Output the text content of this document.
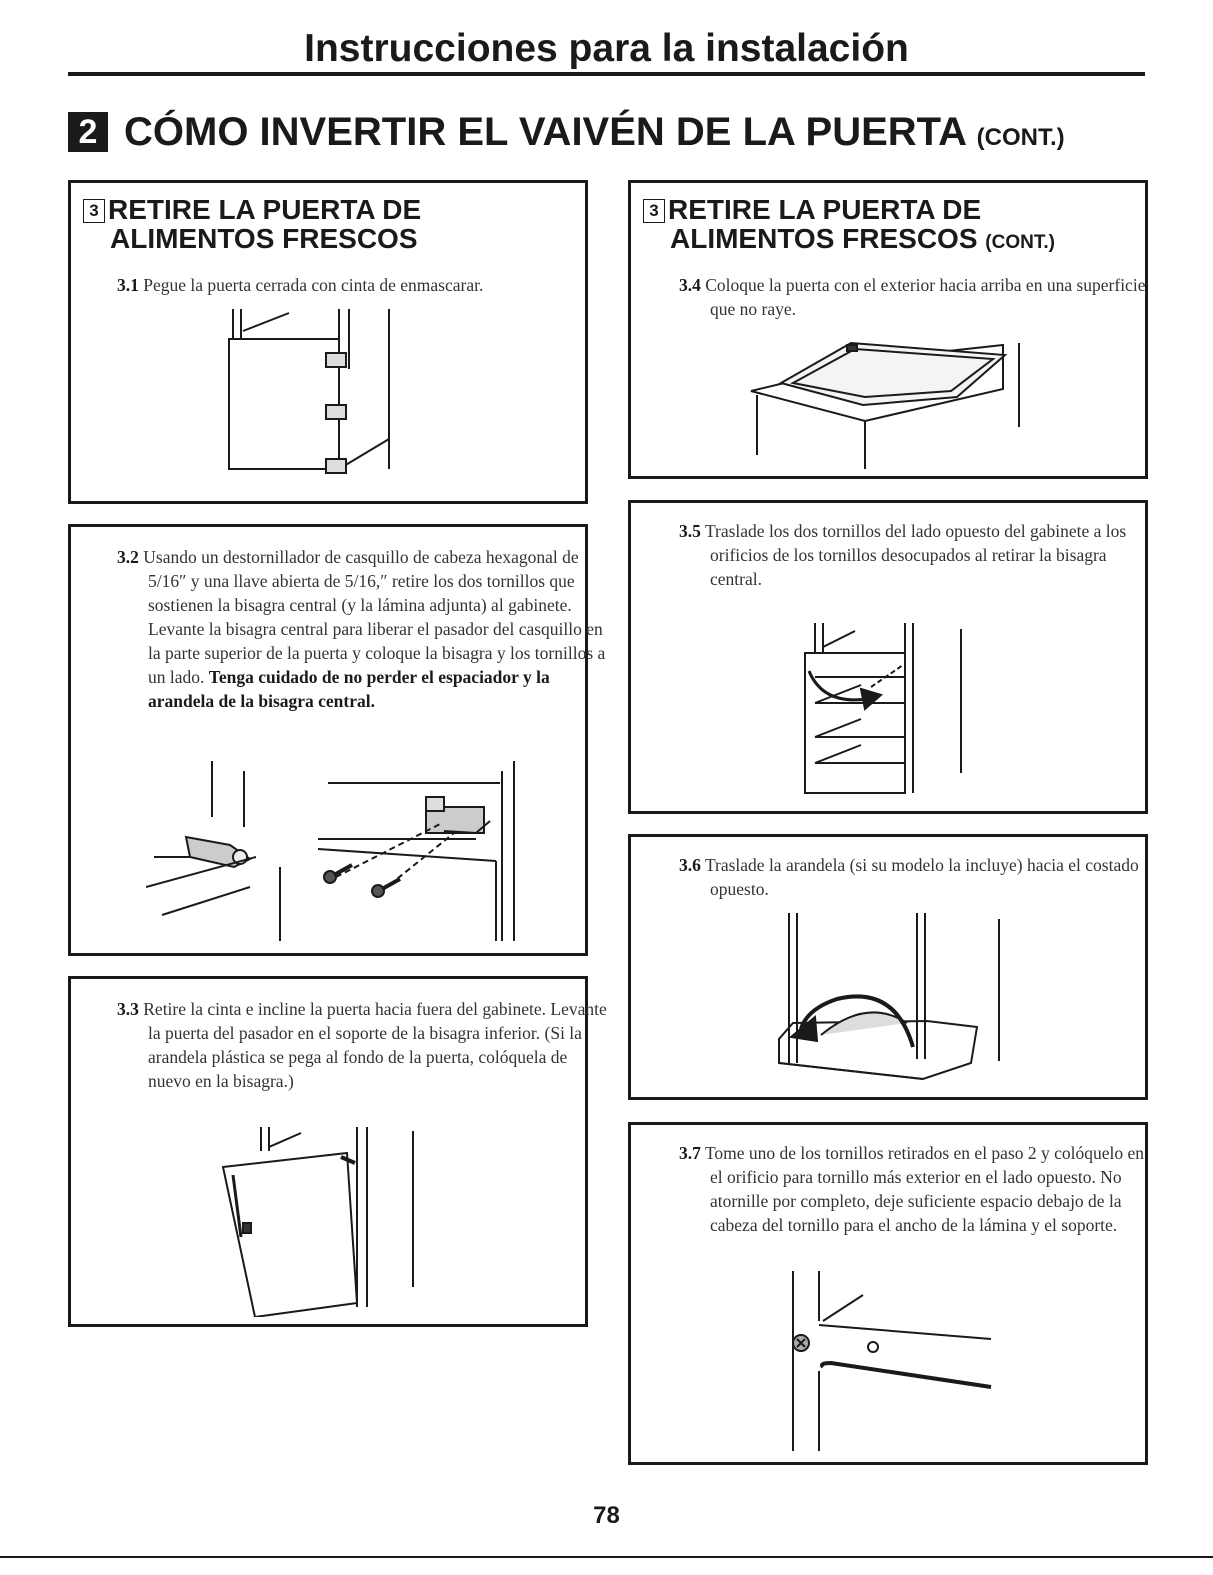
Instrucciones para la instalación
2 CÓMO INVERTIR EL VAIVÉN DE LA PUERTA (CONT.)
3 RETIRE LA PUERTA DE
ALIMENTOS FRESCOS
3.1 Pegue la puerta cerrada con cinta de enmascarar.
3.2 Usando un destornillador de casquillo de cabeza hexagonal de 5/16″ y una llave abierta de 5/16,″ retire los dos tornillos que sostienen la bisagra central (y la lámina adjunta) al gabinete. Levante la bisagra central para liberar el pasador del casquillo en la parte superior de la puerta y coloque la bisagra y los tornillos a un lado. Tenga cuidado de no perder el espaciador y la arandela de la bisagra central.
3.3 Retire la cinta e incline la puerta hacia fuera del gabinete. Levante la puerta del pasador en el soporte de la bisagra inferior. (Si la arandela plástica se pega al fondo de la puerta, colóquela de nuevo en la bisagra.)
3 RETIRE LA PUERTA DE
ALIMENTOS FRESCOS (CONT.)
3.4 Coloque la puerta con el exterior hacia arriba en una superficie que no raye.
3.5 Traslade los dos tornillos del lado opuesto del gabinete a los orificios de los tornillos desocupados al retirar la bisagra central.
3.6 Traslade la arandela (si su modelo la incluye) hacia el costado opuesto.
3.7 Tome uno de los tornillos retirados en el paso 2 y colóquelo en el orificio para tornillo más exterior en el lado opuesto. No atornille por completo, deje suficiente espacio debajo de la cabeza del tornillo para el ancho de la lámina y el soporte.
78
